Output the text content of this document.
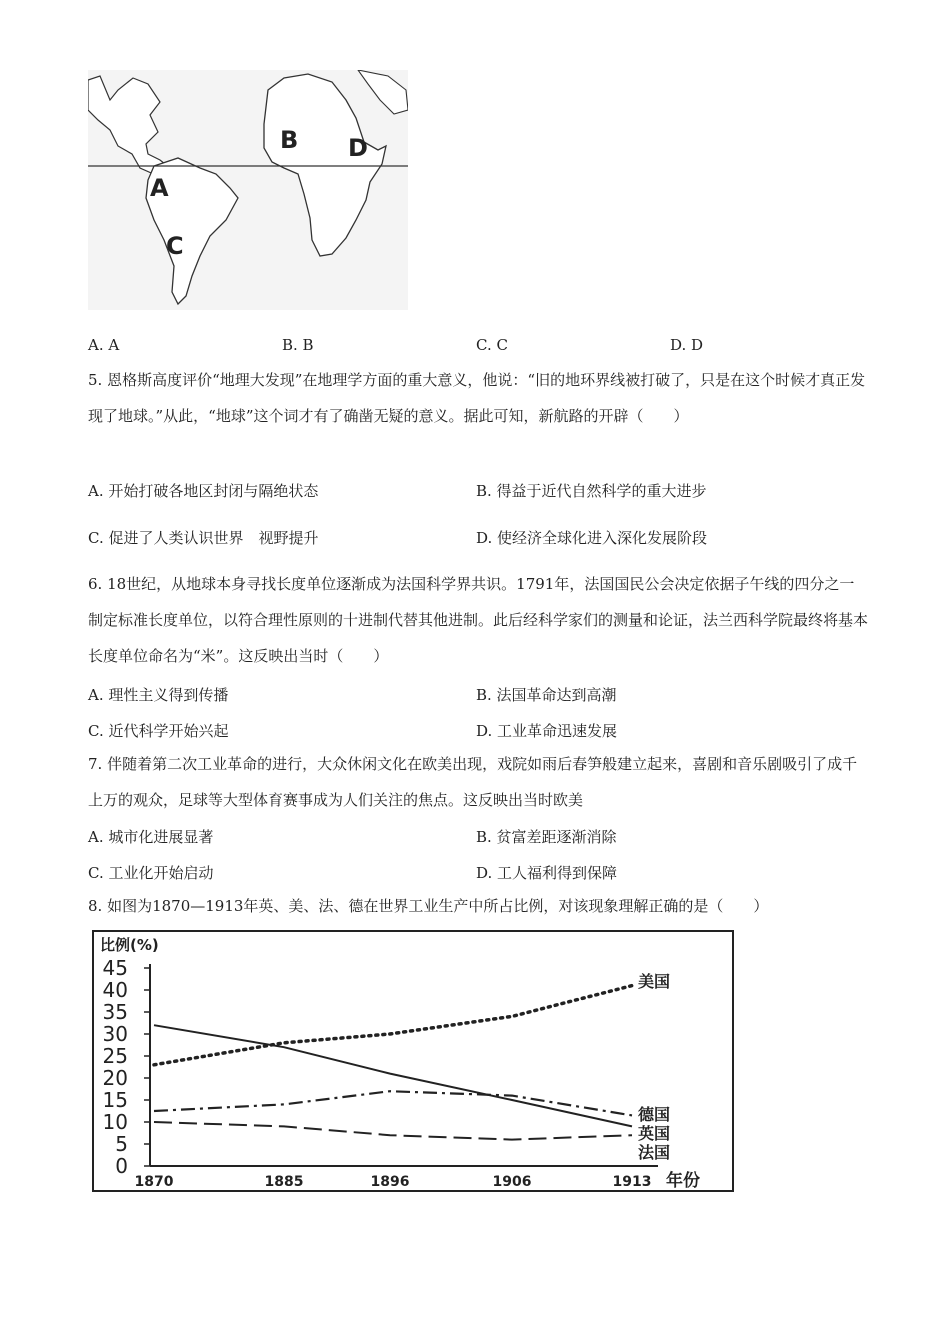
A
B
C
D
A. A	B. B	C. C	D. D
5. 恩格斯高度评价“地理大发现”在地理学方面的重大意义，他说：“旧的地环界线被打破了，只是在这个时候才真正发现了地球。”从此，“地球”这个词才有了确凿无疑的意义。据此可知，新航路的开辟（　　）
A. 开始打破各地区封闭与隔绝状态	B. 得益于近代自然科学的重大进步
C. 促进了人类认识世界　视野提升	D. 使经济全球化进入深化发展阶段
6. 18世纪，从地球本身寻找长度单位逐渐成为法国科学界共识。1791年，法国国民公会决定依据子午线的四分之一制定标准长度单位，以符合理性原则的十进制代替其他进制。此后经科学家们的测量和论证，法兰西科学院最终将基本长度单位命名为“米”。这反映出当时（　　）
A. 理性主义得到传播	B. 法国革命达到高潮
C. 近代科学开始兴起	D. 工业革命迅速发展
7. 伴随着第二次工业革命的进行，大众休闲文化在欧美出现，戏院如雨后春笋般建立起来，喜剧和音乐剧吸引了成千上万的观众，足球等大型体育赛事成为人们关注的焦点。这反映出当时欧美
A. 城市化进展显著	B. 贫富差距逐渐消除
C. 工业化开始启动	D. 工人福利得到保障
8. 如图为1870—1913年英、美、法、德在世界工业生产中所占比例，对该现象理解正确的是（　　）
比例(%)
0
5
10
15
20
25
30
35
40
45
1870	1885	1896	1906	1913
美国
英国
德国
法国
年份
